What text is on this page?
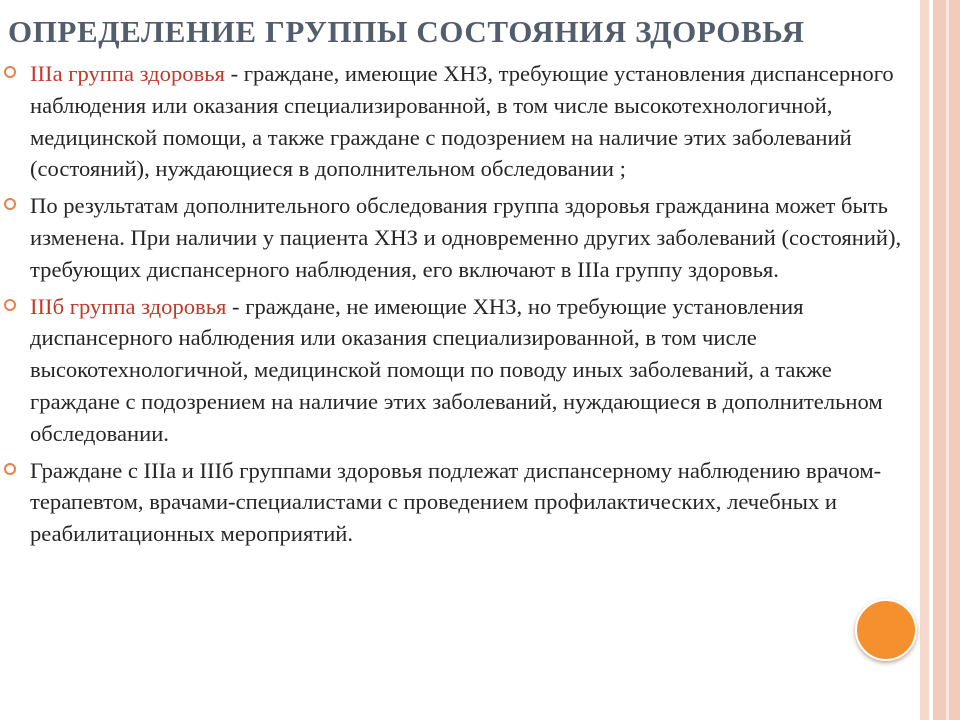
ОПРЕДЕЛЕНИЕ ГРУППЫ СОСТОЯНИЯ ЗДОРОВЬЯ
IIIа группа здоровья - граждане, имеющие ХНЗ, требующие установления диспансерного наблюдения или оказания специализированной, в том числе высокотехнологичной, медицинской помощи, а также граждане с подозрением на наличие этих заболеваний (состояний), нуждающиеся в дополнительном обследовании ;
По результатам дополнительного обследования группа здоровья гражданина может быть изменена. При наличии у пациента ХНЗ и одновременно других заболеваний (состояний), требующих диспансерного наблюдения, его включают в IIIа группу здоровья.
IIIб группа здоровья - граждане, не имеющие ХНЗ, но требующие установления диспансерного наблюдения или оказания специализированной, в том числе высокотехнологичной, медицинской помощи по поводу иных заболеваний, а также граждане с подозрением на наличие этих заболеваний, нуждающиеся в дополнительном обследовании.
Граждане с IIIа и IIIб группами здоровья подлежат диспансерному наблюдению врачом-терапевтом, врачами-специалистами с проведением профилактических, лечебных и реабилитационных мероприятий.
